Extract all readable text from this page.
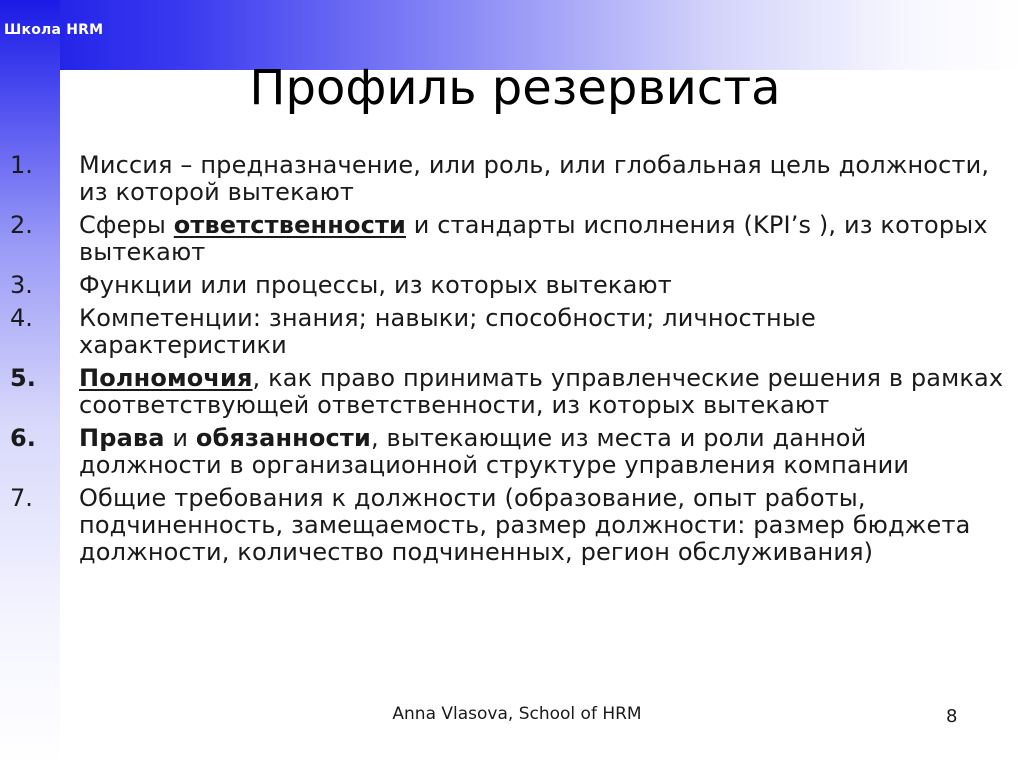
Школа HRM
Профиль резервиста
1.	Миссия – предназначение, или роль, или глобальная цель должности, из которой вытекают
2.	Сферы ответственности и стандарты исполнения (KPI’s ), из которых вытекают
3.	Функции или процессы, из которых вытекают
4.	Компетенции: знания; навыки; способности; личностные характеристики
5.	Полномочия, как право принимать управленческие решения в рамках соответствующей ответственности, из которых вытекают
6.	Права и обязанности, вытекающие из места и роли данной должности в организационной структуре управления компании
7.	Общие требования к должности (образование, опыт работы, подчиненность, замещаемость, размер должности: размер бюджета должности, количество подчиненных, регион обслуживания)
Anna Vlasova, School of HRM	8
